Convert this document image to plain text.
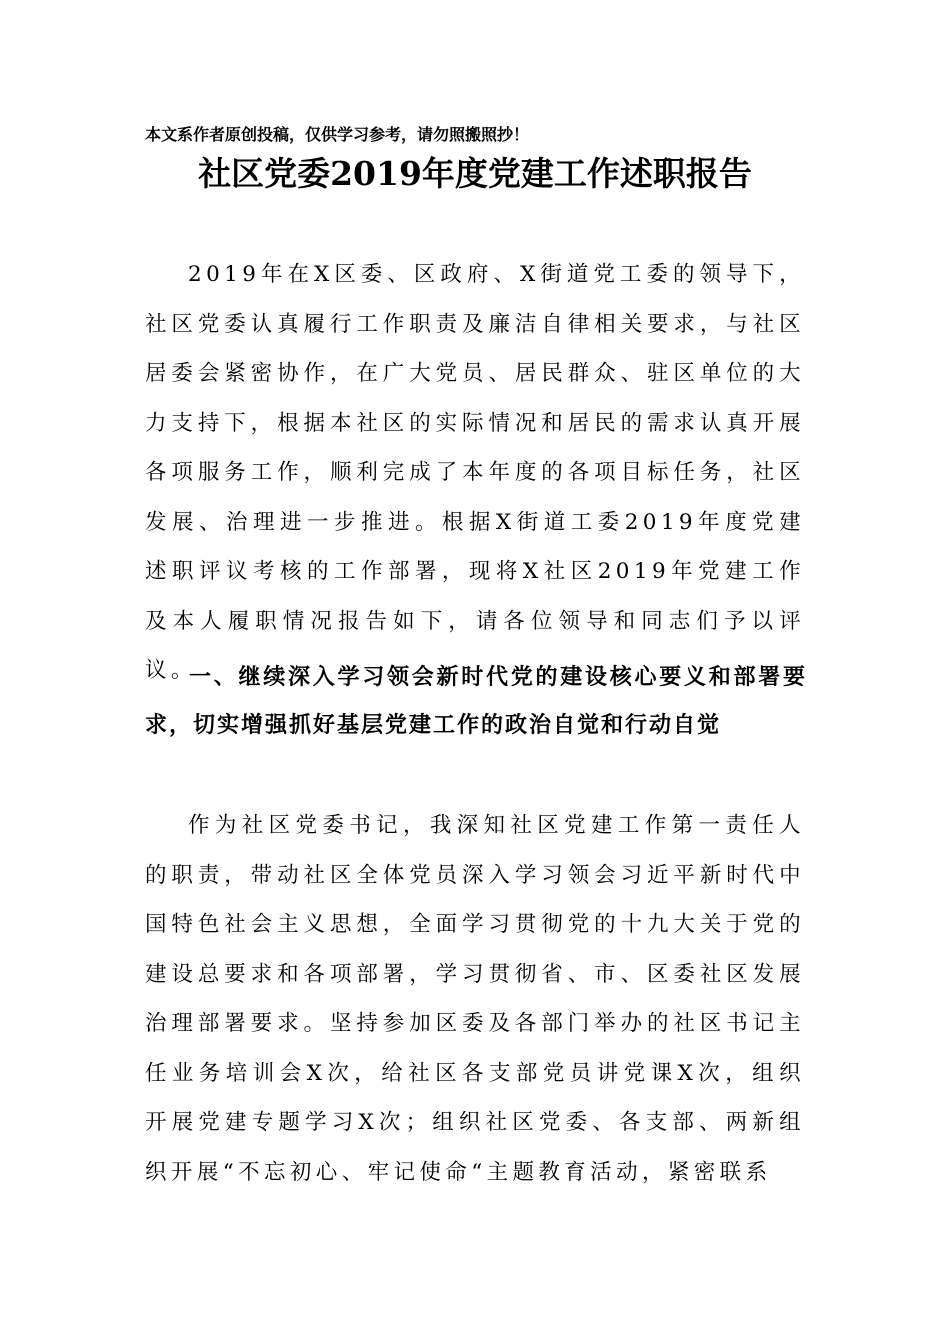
本文系作者原创投稿，仅供学习参考，请勿照搬照抄！
社区党委2019年度党建工作述职报告
2019年在X区委、区政府、X街道党工委的领导下，社区党委认真履行工作职责及廉洁自律相关要求，与社区居委会紧密协作，在广大党员、居民群众、驻区单位的大力支持下，根据本社区的实际情况和居民的需求认真开展各项服务工作，顺利完成了本年度的各项目标任务，社区发展、治理进一步推进。根据X街道工委2019年度党建述职评议考核的工作部署，现将X社区2019年党建工作及本人履职情况报告如下，请各位领导和同志们予以评议。
一、继续深入学习领会新时代党的建设核心要义和部署要求，切实增强抓好基层党建工作的政治自觉和行动自觉
作为社区党委书记，我深知社区党建工作第一责任人的职责，带动社区全体党员深入学习领会习近平新时代中国特色社会主义思想，全面学习贯彻党的十九大关于党的建设总要求和各项部署，学习贯彻省、市、区委社区发展治理部署要求。坚持参加区委及各部门举办的社区书记主任业务培训会X次，给社区各支部党员讲党课X次，组织开展党建专题学习X次；组织社区党委、各支部、两新组织开展“不忘初心、牢记使命“主题教育活动，紧密联系
